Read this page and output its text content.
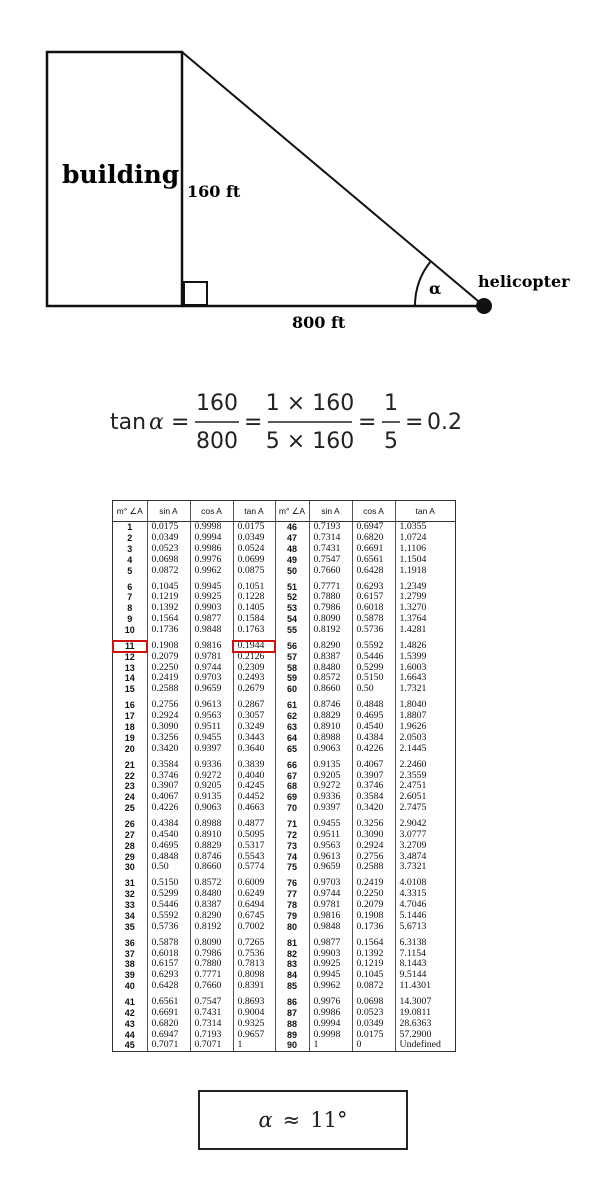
building
160 ft
800 ft
α helicopter
tan α =
160
800
=
1 × 160
5 × 160
=
1
5
= 0.2
m° ∠A	sin A	cos A	tan A	m° ∠A	sin A	cos A	tan A
1	0.0175	0.9998	0.0175	46	0.7193	0.6947	1.0355
2	0.0349	0.9994	0.0349	47	0.7314	0.6820	1.0724
3	0.0523	0.9986	0.0524	48	0.7431	0.6691	1.1106
4	0.0698	0.9976	0.0699	49	0.7547	0.6561	1.1504
5	0.0872	0.9962	0.0875	50	0.7660	0.6428	1.1918

6	0.1045	0.9945	0.1051	51	0.7771	0.6293	1.2349
7	0.1219	0.9925	0.1228	52	0.7880	0.6157	1.2799
8	0.1392	0.9903	0.1405	53	0.7986	0.6018	1.3270
9	0.1564	0.9877	0.1584	54	0.8090	0.5878	1.3764
10	0.1736	0.9848	0.1763	55	0.8192	0.5736	1.4281

11	0.1908	0.9816	0.1944	56	0.8290	0.5592	1.4826
12	0.2079	0.9781	0.2126	57	0.8387	0.5446	1.5399
13	0.2250	0.9744	0.2309	58	0.8480	0.5299	1.6003
14	0.2419	0.9703	0.2493	59	0.8572	0.5150	1.6643
15	0.2588	0.9659	0.2679	60	0.8660	0.50	1.7321

16	0.2756	0.9613	0.2867	61	0.8746	0.4848	1.8040
17	0.2924	0.9563	0.3057	62	0.8829	0.4695	1.8807
18	0.3090	0.9511	0.3249	63	0.8910	0.4540	1.9626
19	0.3256	0.9455	0.3443	64	0.8988	0.4384	2.0503
20	0.3420	0.9397	0.3640	65	0.9063	0.4226	2.1445

21	0.3584	0.9336	0.3839	66	0.9135	0.4067	2.2460
22	0.3746	0.9272	0.4040	67	0.9205	0.3907	2.3559
23	0.3907	0.9205	0.4245	68	0.9272	0.3746	2.4751
24	0.4067	0.9135	0.4452	69	0.9336	0.3584	2.6051
25	0.4226	0.9063	0.4663	70	0.9397	0.3420	2.7475

26	0.4384	0.8988	0.4877	71	0.9455	0.3256	2.9042
27	0.4540	0.8910	0.5095	72	0.9511	0.3090	3.0777
28	0.4695	0.8829	0.5317	73	0.9563	0.2924	3.2709
29	0.4848	0.8746	0.5543	74	0.9613	0.2756	3.4874
30	0.50	0.8660	0.5774	75	0.9659	0.2588	3.7321

31	0.5150	0.8572	0.6009	76	0.9703	0.2419	4.0108
32	0.5299	0.8480	0.6249	77	0.9744	0.2250	4.3315
33	0.5446	0.8387	0.6494	78	0.9781	0.2079	4.7046
34	0.5592	0.8290	0.6745	79	0.9816	0.1908	5.1446
35	0.5736	0.8192	0.7002	80	0.9848	0.1736	5.6713

36	0.5878	0.8090	0.7265	81	0.9877	0.1564	6.3138
37	0.6018	0.7986	0.7536	82	0.9903	0.1392	7.1154
38	0.6157	0.7880	0.7813	83	0.9925	0.1219	8.1443
39	0.6293	0.7771	0.8098	84	0.9945	0.1045	9.5144
40	0.6428	0.7660	0.8391	85	0.9962	0.0872	11.4301

41	0.6561	0.7547	0.8693	86	0.9976	0.0698	14.3007
42	0.6691	0.7431	0.9004	87	0.9986	0.0523	19.0811
43	0.6820	0.7314	0.9325	88	0.9994	0.0349	28.6363
44	0.6947	0.7193	0.9657	89	0.9998	0.0175	57.2900
45	0.7071	0.7071	1	90	1	0	Undefined
α ≈ 11°
